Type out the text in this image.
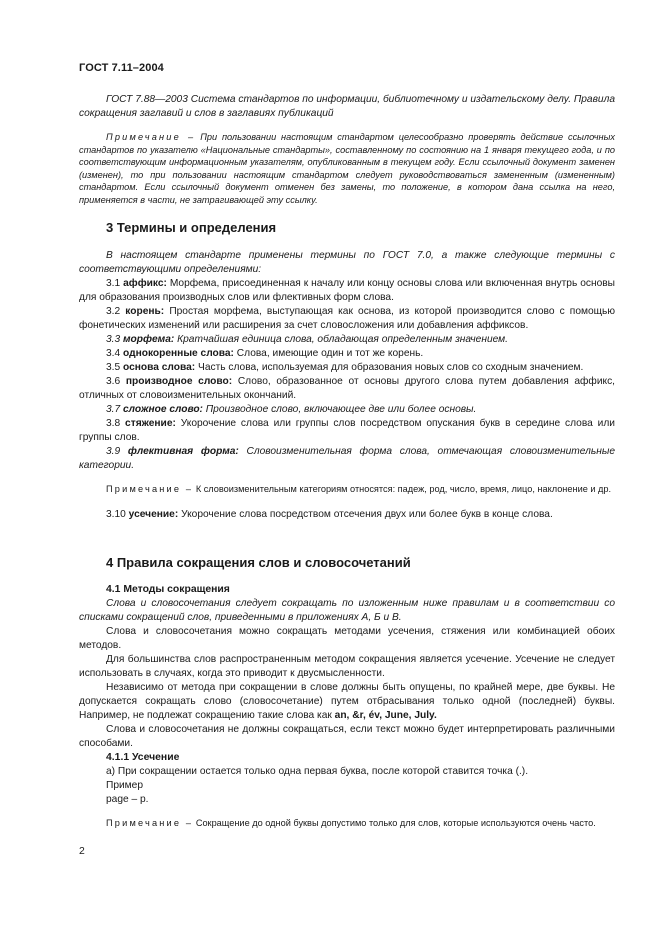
ГОСТ 7.11–2004

ГОСТ 7.88—2003 Система стандартов по информации, библиотечному и издательскому делу. Правила сокращения заглавий и слов в заглавиях публикаций

Примечание – При пользовании настоящим стандартом целесообразно проверять действие ссылочных стандартов по указателю «Национальные стандарты», составленному по состоянию на 1 января текущего года, и по соответствующим информационным указателям, опубликованным в текущем году. Если ссылочный документ заменен (изменен), то при пользовании настоящим стандартом следует руководствоваться замененным (измененным) стандартом. Если ссылочный документ отменен без замены, то положение, в котором дана ссылка на него, применяется в части, не затрагивающей эту ссылку.

3 Термины и определения

В настоящем стандарте применены термины по ГОСТ 7.0, а также следующие термины с соответствующими определениями:

3.1 аффикс: Морфема, присоединенная к началу или концу основы слова или включенная внутрь основы для образования производных слов или флективных форм слова.

3.2 корень: Простая морфема, выступающая как основа, из которой производится слово с помощью фонетических изменений или расширения за счет словосложения или добавления аффиксов.

3.3 морфема: Кратчайшая единица слова, обладающая определенным значением.

3.4 однокоренные слова: Слова, имеющие один и тот же корень.

3.5 основа слова: Часть слова, используемая для образования новых слов со сходным значением.

3.6 производное слово: Слово, образованное от основы другого слова путем добавления аффикс, отличных от словоизменительных окончаний.

3.7 сложное слово: Производное слово, включающее две или более основы.

3.8 стяжение: Укорочение слова или группы слов посредством опускания букв в середине слова или группы слов.

3.9 флективная форма: Словоизменительная форма слова, отмечающая словоизменительные категории.

Примечание – К словоизменительным категориям относятся: падеж, род, число, время, лицо, наклонение и др.

3.10 усечение: Укорочение слова посредством отсечения двух или более букв в конце слова.

4 Правила сокращения слов и словосочетаний
4.1 Методы сокращения

Слова и словосочетания следует сокращать по изложенным ниже правилам и в соответствии со списками сокращений слов, приведенными в приложениях А, Б и В.

Слова и словосочетания можно сокращать методами усечения, стяжения или комбинацией обоих методов.

Для большинства слов распространенным методом сокращения является усечение. Усечение не следует использовать в случаях, когда это приводит к двусмысленности.

Независимо от метода при сокращении в слове должны быть опущены, по крайней мере, две буквы. Не допускается сокращать слово (словосочетание) путем отбрасывания только одной (последней) буквы. Например, не подлежат сокращению такие слова как an, &r, év, June, July.

Слова и словосочетания не должны сокращаться, если текст можно будет интерпретировать различными способами.

4.1.1 Усечение

а) При сокращении остается только одна первая буква, после которой ставится точка (.).

Пример

page – p.

Примечание – Сокращение до одной буквы допустимо только для слов, которые используются очень часто.

2
